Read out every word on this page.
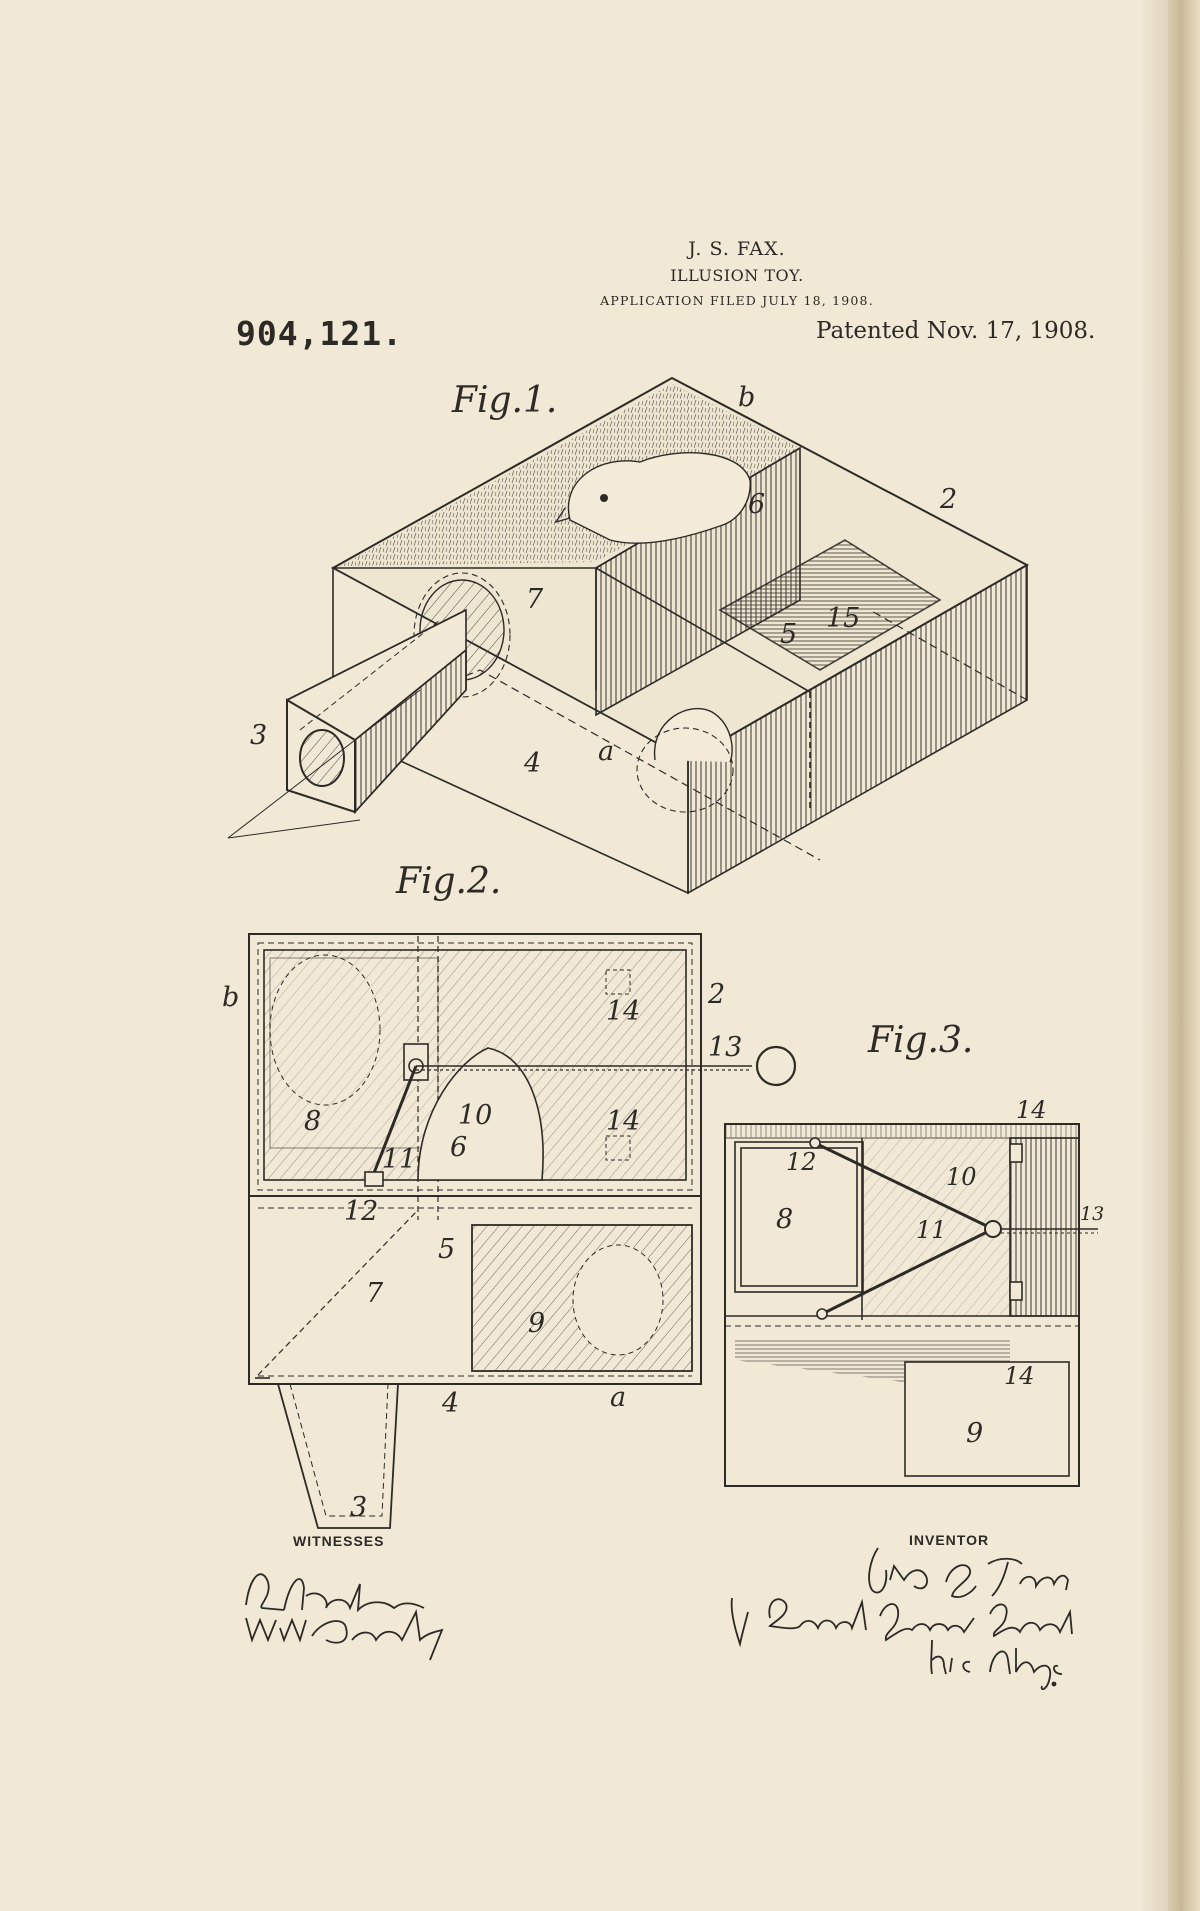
J. S. FAX.
ILLUSION TOY.
APPLICATION FILED JULY 18, 1908.
904,121.	Patented Nov. 17, 1908.
Fig.1.	b
2
6
7
5
15
3
4 a
Fig.2.
b	2
14
13
10	14
8
6
11
12
5
7
9
4	a
3
Fig.3.
14
12
10
13
8	11
14
9
WITNESSES	INVENTOR
